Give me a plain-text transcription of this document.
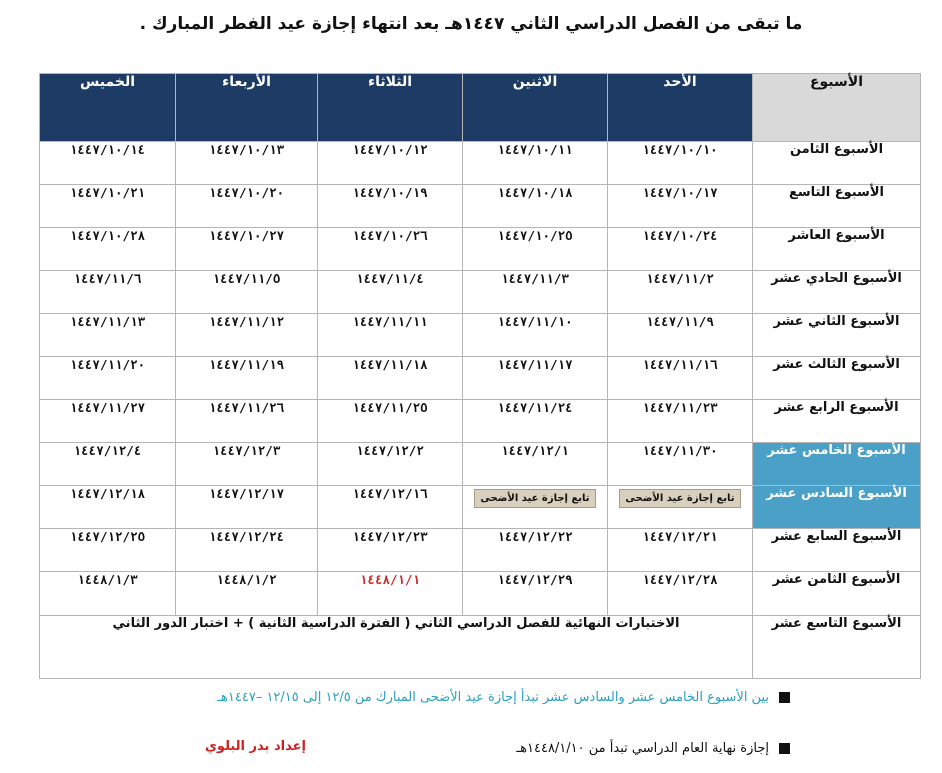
ما تبقى من الفصل الدراسي الثاني ١٤٤٧هـ بعد انتهاء إجازة عيد الفطر المبارك .
الأسبوع	الأحد	الاثنين	الثلاثاء	الأربعاء	الخميس
الأسبوع الثامن	١٤٤٧/١٠/١٠	١٤٤٧/١٠/١١	١٤٤٧/١٠/١٢	١٤٤٧/١٠/١٣	١٤٤٧/١٠/١٤
الأسبوع التاسع	١٤٤٧/١٠/١٧	١٤٤٧/١٠/١٨	١٤٤٧/١٠/١٩	١٤٤٧/١٠/٢٠	١٤٤٧/١٠/٢١
الأسبوع العاشر	١٤٤٧/١٠/٢٤	١٤٤٧/١٠/٢٥	١٤٤٧/١٠/٢٦	١٤٤٧/١٠/٢٧	١٤٤٧/١٠/٢٨
الأسبوع الحادي عشر	١٤٤٧/١١/٢	١٤٤٧/١١/٣	١٤٤٧/١١/٤	١٤٤٧/١١/٥	١٤٤٧/١١/٦
الأسبوع الثاني عشر	١٤٤٧/١١/٩	١٤٤٧/١١/١٠	١٤٤٧/١١/١١	١٤٤٧/١١/١٢	١٤٤٧/١١/١٣
الأسبوع الثالث عشر	١٤٤٧/١١/١٦	١٤٤٧/١١/١٧	١٤٤٧/١١/١٨	١٤٤٧/١١/١٩	١٤٤٧/١١/٢٠
الأسبوع الرابع عشر	١٤٤٧/١١/٢٣	١٤٤٧/١١/٢٤	١٤٤٧/١١/٢٥	١٤٤٧/١١/٢٦	١٤٤٧/١١/٢٧
الأسبوع الخامس عشر	١٤٤٧/١١/٣٠	١٤٤٧/١٢/١	١٤٤٧/١٢/٢	١٤٤٧/١٢/٣	١٤٤٧/١٢/٤
الأسبوع السادس عشر	تابع إجازة عيد الأضحى	تابع إجازة عيد الأضحى	١٤٤٧/١٢/١٦	١٤٤٧/١٢/١٧	١٤٤٧/١٢/١٨
الأسبوع السابع عشر	١٤٤٧/١٢/٢١	١٤٤٧/١٢/٢٢	١٤٤٧/١٢/٢٣	١٤٤٧/١٢/٢٤	١٤٤٧/١٢/٢٥
الأسبوع الثامن عشر	١٤٤٧/١٢/٢٨	١٤٤٧/١٢/٢٩	١٤٤٨/١/١	١٤٤٨/١/٢	١٤٤٨/١/٣
الأسبوع التاسع عشر	الاختبارات النهائية للفصل الدراسي الثاني ( الفترة الدراسية الثانية ) + اختبار الدور الثاني				
بين الأسبوع الخامس عشر والسادس عشر تبدأ إجازة عيد الأضحى المبارك من ١٢/٥ إلى ١٢/١٥ –١٤٤٧هـ
إجازة نهاية العام الدراسي تبدأ من ١٤٤٨/١/١٠هـ
إعداد بدر البلوي
